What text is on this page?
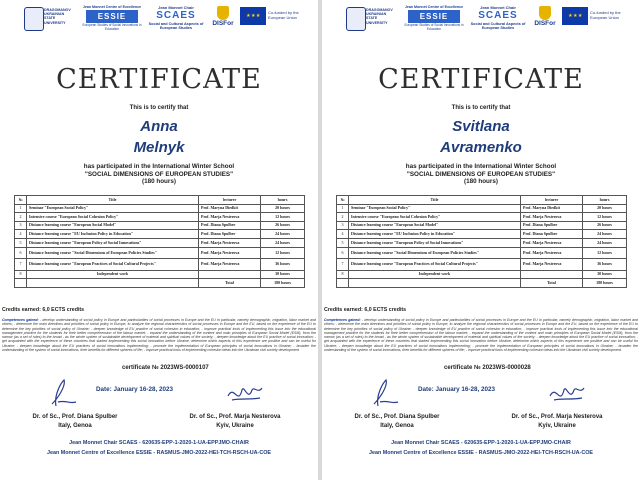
DRAGOMANOV
UKRAINIAN
STATE
UNIVERSITY
Jean Monnet Centre of Excellence
ESSIE
European Studies of Social Innovations in Education
Jean Monnet Chair
SCAES
Social and Cultural Aspects of European Studies
DISFor
★ ★ ★
Co-funded by the European Union
CERTIFICATE
This is to certify that
Anna
Melnyk
has participated in the International Winter School
"SOCIAL DIMENSIONS OF EUROPEAN STUDIES"
(180 hours)
№	Title	lecturer	hours
1	Seminar "European Social Policy"	Prof. Maryna Diedkit	20 hours
2	Intensive course "European Social Cohesion Policy"	Prof. Marja Nesterova	12 hours
3	Distance learning course "European Social Model"	Prof. Diana Spulber	26 hours
4	Distance learning course "EU Inclusion Policy in Education"	Prof. Diana Spulber	24 hours
5	Distance learning course "European Policy of Social Innovations"	Prof. Marja Nesterova	24 hours
6	Distance learning course "Social Dimensions of European Policies Studies"	Prof. Marja Nesterova	12 hours
7	Distance learning course "European Practices of Social Cultural Projects"	Prof. Marja Nesterova	36 hours
8	Independent work		30 hours
		Total	180 hours
Credits earned: 6,0 ECTS credits
Competences gained: - develop understanding of social policy in Europe and particularities of social processes in Europe and the EU in particular, namely demographic, migration, labor market and others; - determine the main directions and priorities of social policy in Europe, to analyze the regional characteristics of social processes in Europe and the EU, based on the experience of the EU to determine the key priorities of social policy of Ukraine; - deepen knowledge of EU practice of social cohesion in education; - improve practical tools of implementing this issue into the educational management practice for the students for their better comprehension of the labour market; - expand the understanding of the content and main principles of European Social Model (ESM), from the narrow (as a set of rules) to the broad - as the whole system of sustainable development of material and spiritual values of the society; - deepen knowledge about the EU practice of social innovation; - get acquainted with the experience of these countries that started implementing this social innovation before Ukraine, determine which aspects of this experience are positive and can be useful for Ukraine; - deepen knowledge about the EU practices of social innovations implementing; - promote the implementation of European principles of social innovations in Ukraine; - broaden the understanding of the system of social innovations, their benefits for different spheres of life; - improve practical tools of implementing cohesion ideas into the Ukrainian civil society development.
certificate № 2023WS-0000107
Date: January 16-28, 2023
Dr. of Sc., Prof. Diana Spulber
Italy, Genoa
Dr. of Sc., Prof. Marja Nesterova
Kyiv, Ukraine
Jean Monnet Chair SCAES - 620635-EPP-1-2020-1-UA-EPPJMO-CHAIR
Jean Monnet Centre of Excellence ESSIE - RASMUS-JMO-2022-HEI-TCH-RSCH-UA-COE
DRAGOMANOV
UKRAINIAN
STATE
UNIVERSITY
Jean Monnet Centre of Excellence
ESSIE
European Studies of Social Innovations in Education
Jean Monnet Chair
SCAES
Social and Cultural Aspects of European Studies
DISFor
★ ★ ★
Co-funded by the European Union
CERTIFICATE
This is to certify that
Svitlana
Avramenko
has participated in the International Winter School
"SOCIAL DIMENSIONS OF EUROPEAN STUDIES"
(180 hours)
№	Title	lecturer	hours
1	Seminar "European Social Policy"	Prof. Maryna Diedkit	20 hours
2	Intensive course "European Social Cohesion Policy"	Prof. Marja Nesterova	12 hours
3	Distance learning course "European Social Model"	Prof. Diana Spulber	26 hours
4	Distance learning course "EU Inclusion Policy in Education"	Prof. Diana Spulber	24 hours
5	Distance learning course "European Policy of Social Innovations"	Prof. Marja Nesterova	24 hours
6	Distance learning course "Social Dimensions of European Policies Studies"	Prof. Marja Nesterova	12 hours
7	Distance learning course "European Practices of Social Cultural Projects"	Prof. Marja Nesterova	36 hours
8	Independent work		30 hours
		Total	180 hours
Credits earned: 6,0 ECTS credits
Competences gained: - develop understanding of social policy in Europe and particularities of social processes in Europe and the EU in particular, namely demographic, migration, labor market and others; - determine the main directions and priorities of social policy in Europe, to analyze the regional characteristics of social processes in Europe and the EU, based on the experience of the EU to determine the key priorities of social policy of Ukraine; - deepen knowledge of EU practice of social cohesion in education; - improve practical tools of implementing this issue into the educational management practice for the students for their better comprehension of the labour market; - expand the understanding of the content and main principles of European Social Model (ESM), from the narrow (as a set of rules) to the broad - as the whole system of sustainable development of material and spiritual values of the society; - deepen knowledge about the EU practice of social innovation; - get acquainted with the experience of these countries that started implementing this social innovation before Ukraine, determine which aspects of this experience are positive and can be useful for Ukraine; - deepen knowledge about the EU practices of social innovations implementing; - promote the implementation of European principles of social innovations in Ukraine; - broaden the understanding of the system of social innovations, their benefits for different spheres of life; - improve practical tools of implementing cohesion ideas into the Ukrainian civil society development.
certificate № 2023WS-0000028
Date: January 16-28, 2023
Dr. of Sc., Prof. Diana Spulber
Italy, Genoa
Dr. of Sc., Prof. Marja Nesterova
Kyiv, Ukraine
Jean Monnet Chair SCAES - 620635-EPP-1-2020-1-UA-EPPJMO-CHAIR
Jean Monnet Centre of Excellence ESSIE - RASMUS-JMO-2022-HEI-TCH-RSCH-UA-COE
